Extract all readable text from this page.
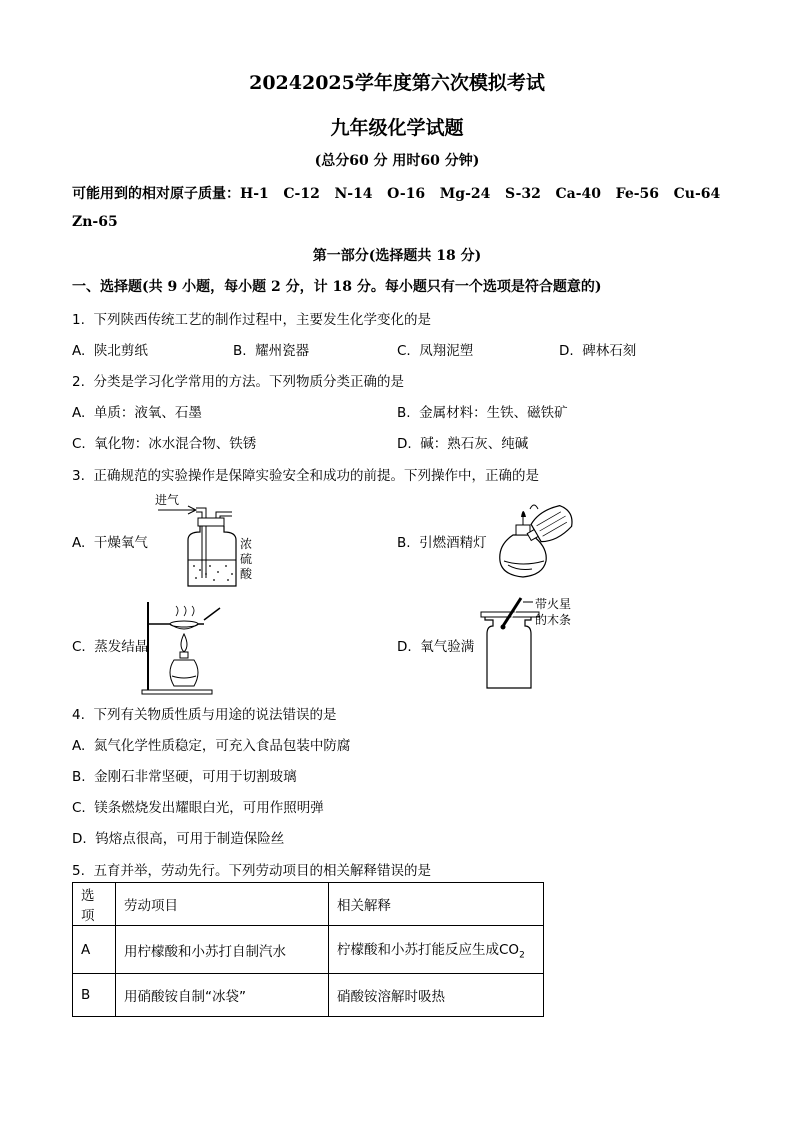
20242025学年度第六次模拟考试
九年级化学试题
(总分60 分 用时60 分钟)
可能用到的相对原子质量：H-1   C-12   N-14   O-16   Mg-24   S-32   Ca-40   Fe-56   Cu-64
Zn-65
第一部分(选择题共 18 分)
一、选择题(共 9 小题，每小题 2 分，计 18 分。每小题只有一个选项是符合题意的)
1.  下列陕西传统工艺的制作过程中，主要发生化学变化的是
A.  陕北剪纸	B.  耀州瓷器	C.  凤翔泥塑	D.  碑林石刻
2.  分类是学习化学常用的方法。下列物质分类正确的是
A.  单质：液氧、石墨	B.  金属材料：生铁、磁铁矿
C.  氧化物：冰水混合物、铁锈	D.  碱：熟石灰、纯碱
3.  正确规范的实验操作是保障实验安全和成功的前提。下列操作中，正确的是
A.  干燥氧气	B.  引燃酒精灯
C.  蒸发结晶	D.  氧气验满
进气
浓
硫
酸
带火星
的木条
4.  下列有关物质性质与用途的说法错误的是
A.  氮气化学性质稳定，可充入食品包装中防腐
B.  金刚石非常坚硬，可用于切割玻璃
C.  镁条燃烧发出耀眼白光，可用作照明弹
D.  钨熔点很高，可用于制造保险丝
5.  五育并举，劳动先行。下列劳动项目的相关解释错误的是
选项	劳动项目	相关解释
A	用柠檬酸和小苏打自制汽水	柠檬酸和小苏打能反应生成$CO_2$
B	用硝酸铵自制“冰袋”	硝酸铵溶解时吸热
